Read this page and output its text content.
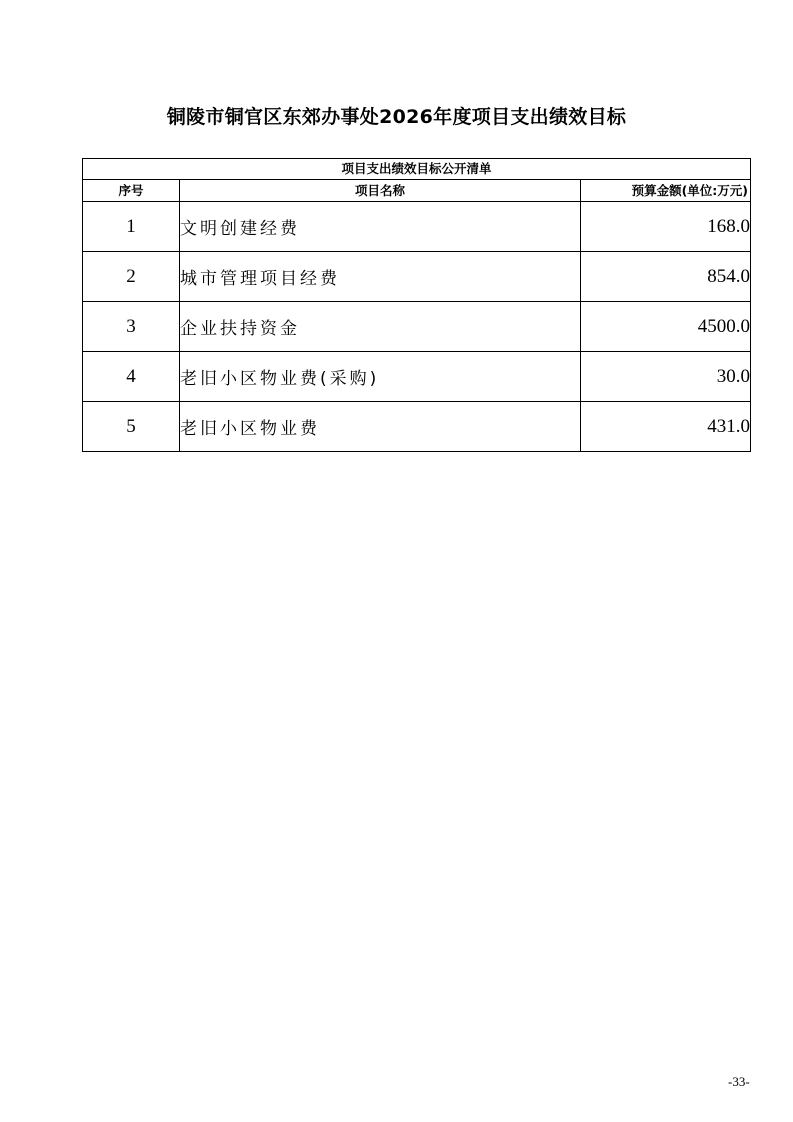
铜陵市铜官区东郊办事处2026年度项目支出绩效目标
项目支出绩效目标公开清单		
序号	项目名称	预算金额(单位:万元)
1	文明创建经费	168.0
2	城市管理项目经费	854.0
3	企业扶持资金	4500.0
4	老旧小区物业费(采购)	30.0
5	老旧小区物业费	431.0
-33-
